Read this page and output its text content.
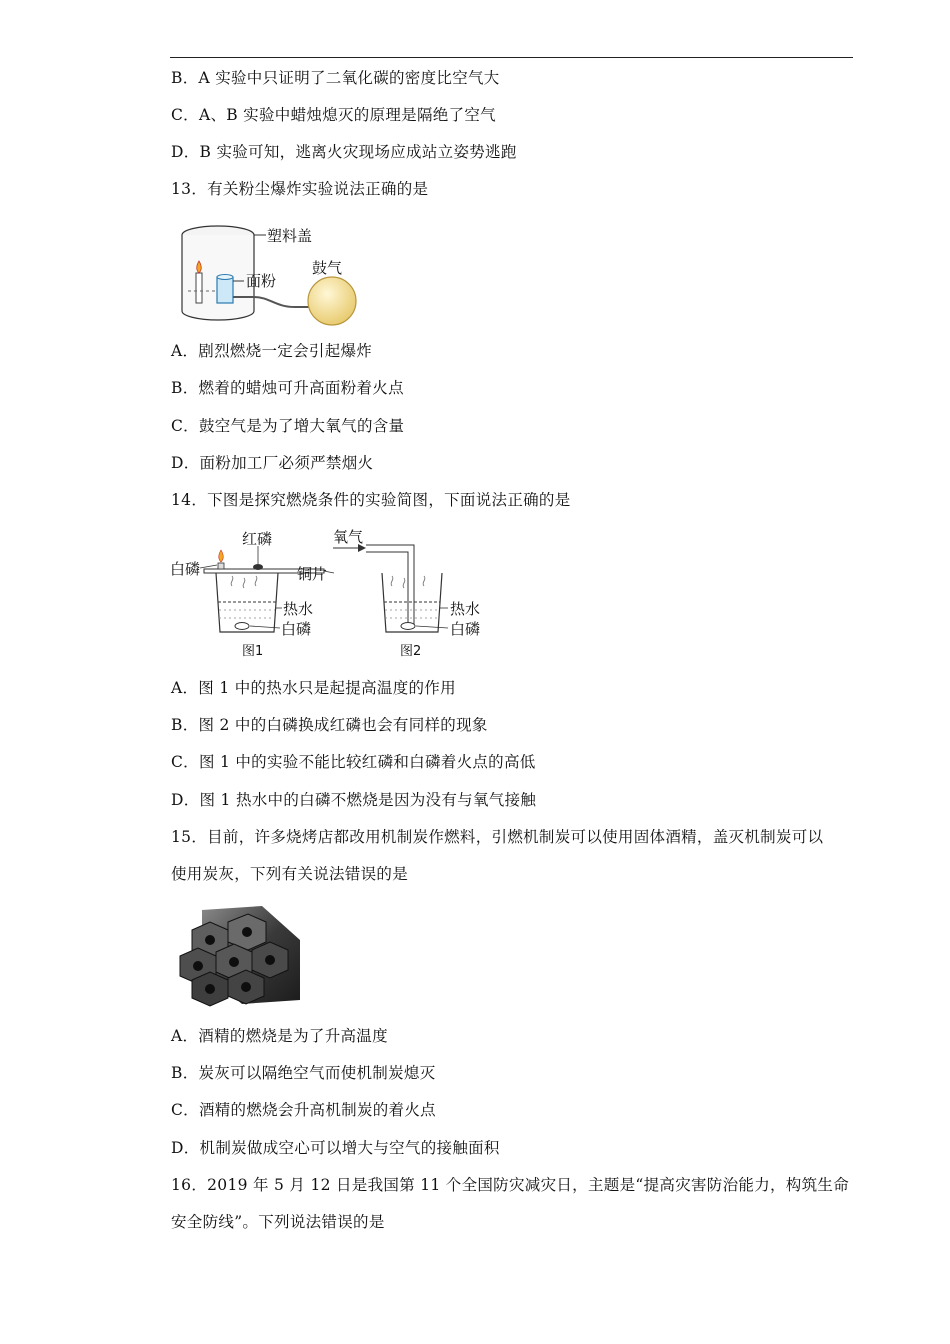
B．A 实验中只证明了二氧化碳的密度比空气大
C．A、B 实验中蜡烛熄灭的原理是隔绝了空气
D．B 实验可知，逃离火灾现场应成站立姿势逃跑
13．有关粉尘爆炸实验说法正确的是
塑料盖
面粉
鼓气
A．剧烈燃烧一定会引起爆炸
B．燃着的蜡烛可升高面粉着火点
C．鼓空气是为了增大氧气的含量
D．面粉加工厂必须严禁烟火
14．下图是探究燃烧条件的实验简图，下面说法正确的是
白磷
红磷
铜片
热水
白磷
图1
氧气
热水
白磷
图2
A．图 1 中的热水只是起提高温度的作用
B．图 2 中的白磷换成红磷也会有同样的现象
C．图 1 中的实验不能比较红磷和白磷着火点的高低
D．图 1 热水中的白磷不燃烧是因为没有与氧气接触
15．目前，许多烧烤店都改用机制炭作燃料，引燃机制炭可以使用固体酒精，盖灭机制炭可以
使用炭灰，下列有关说法错误的是
A．酒精的燃烧是为了升高温度
B．炭灰可以隔绝空气而使机制炭熄灭
C．酒精的燃烧会升高机制炭的着火点
D．机制炭做成空心可以增大与空气的接触面积
16．2019 年 5 月 12 日是我国第 11 个全国防灾减灾日，主题是“提高灾害防治能力，构筑生命
安全防线”。下列说法错误的是
